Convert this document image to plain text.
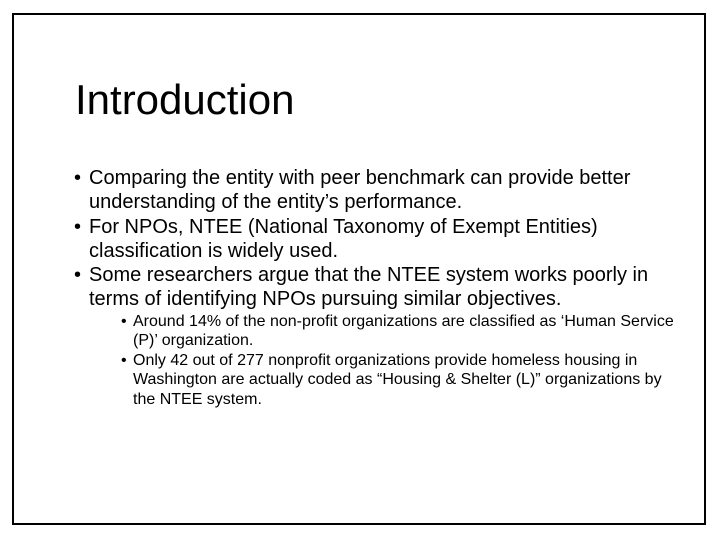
Introduction
• Comparing the entity with peer benchmark can provide better understanding of the entity’s performance.
• For NPOs, NTEE (National Taxonomy of Exempt Entities) classification is widely used.
• Some researchers argue that the NTEE system works poorly in terms of identifying NPOs pursuing similar objectives.
• Around 14% of the non-profit organizations are classified as ‘Human Service (P)’ organization.
• Only 42 out of 277 nonprofit organizations provide homeless housing in Washington are actually coded as “Housing & Shelter (L)” organizations by the NTEE system.
